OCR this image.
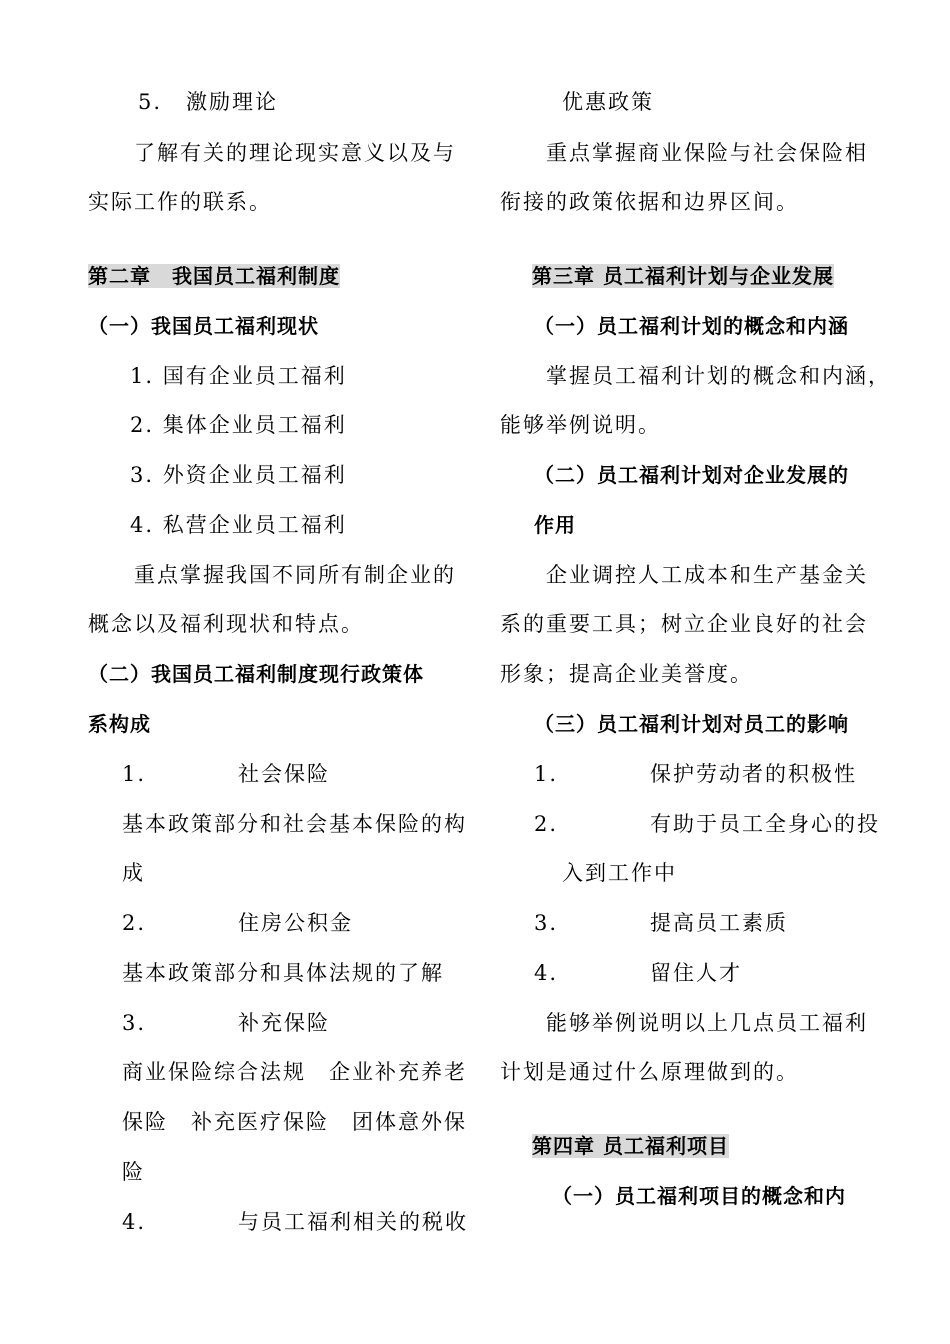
5. 激励理论
了解有关的理论现实意义以及与
实际工作的联系。
第二章　我国员工福利制度
（一）我国员工福利现状
1. 国有企业员工福利
2. 集体企业员工福利
3. 外资企业员工福利
4. 私营企业员工福利
重点掌握我国不同所有制企业的
概念以及福利现状和特点。
（二）我国员工福利制度现行政策体
系构成
1.	社会保险
基本政策部分和社会基本保险的构
成
2.	住房公积金
基本政策部分和具体法规的了解
3.	补充保险
商业保险综合法规　企业补充养老
保险　补充医疗保险　团体意外保
险
4.	与员工福利相关的税收
优惠政策
重点掌握商业保险与社会保险相
衔接的政策依据和边界区间。
第三章 员工福利计划与企业发展
（一）员工福利计划的概念和内涵
掌握员工福利计划的概念和内涵，
能够举例说明。
（二）员工福利计划对企业发展的
作用
企业调控人工成本和生产基金关
系的重要工具；树立企业良好的社会
形象；提高企业美誉度。
（三）员工福利计划对员工的影响
1.	保护劳动者的积极性
2.	有助于员工全身心的投
入到工作中
3.	提高员工素质
4.	留住人才
能够举例说明以上几点员工福利
计划是通过什么原理做到的。
第四章 员工福利项目
（一）员工福利项目的概念和内
